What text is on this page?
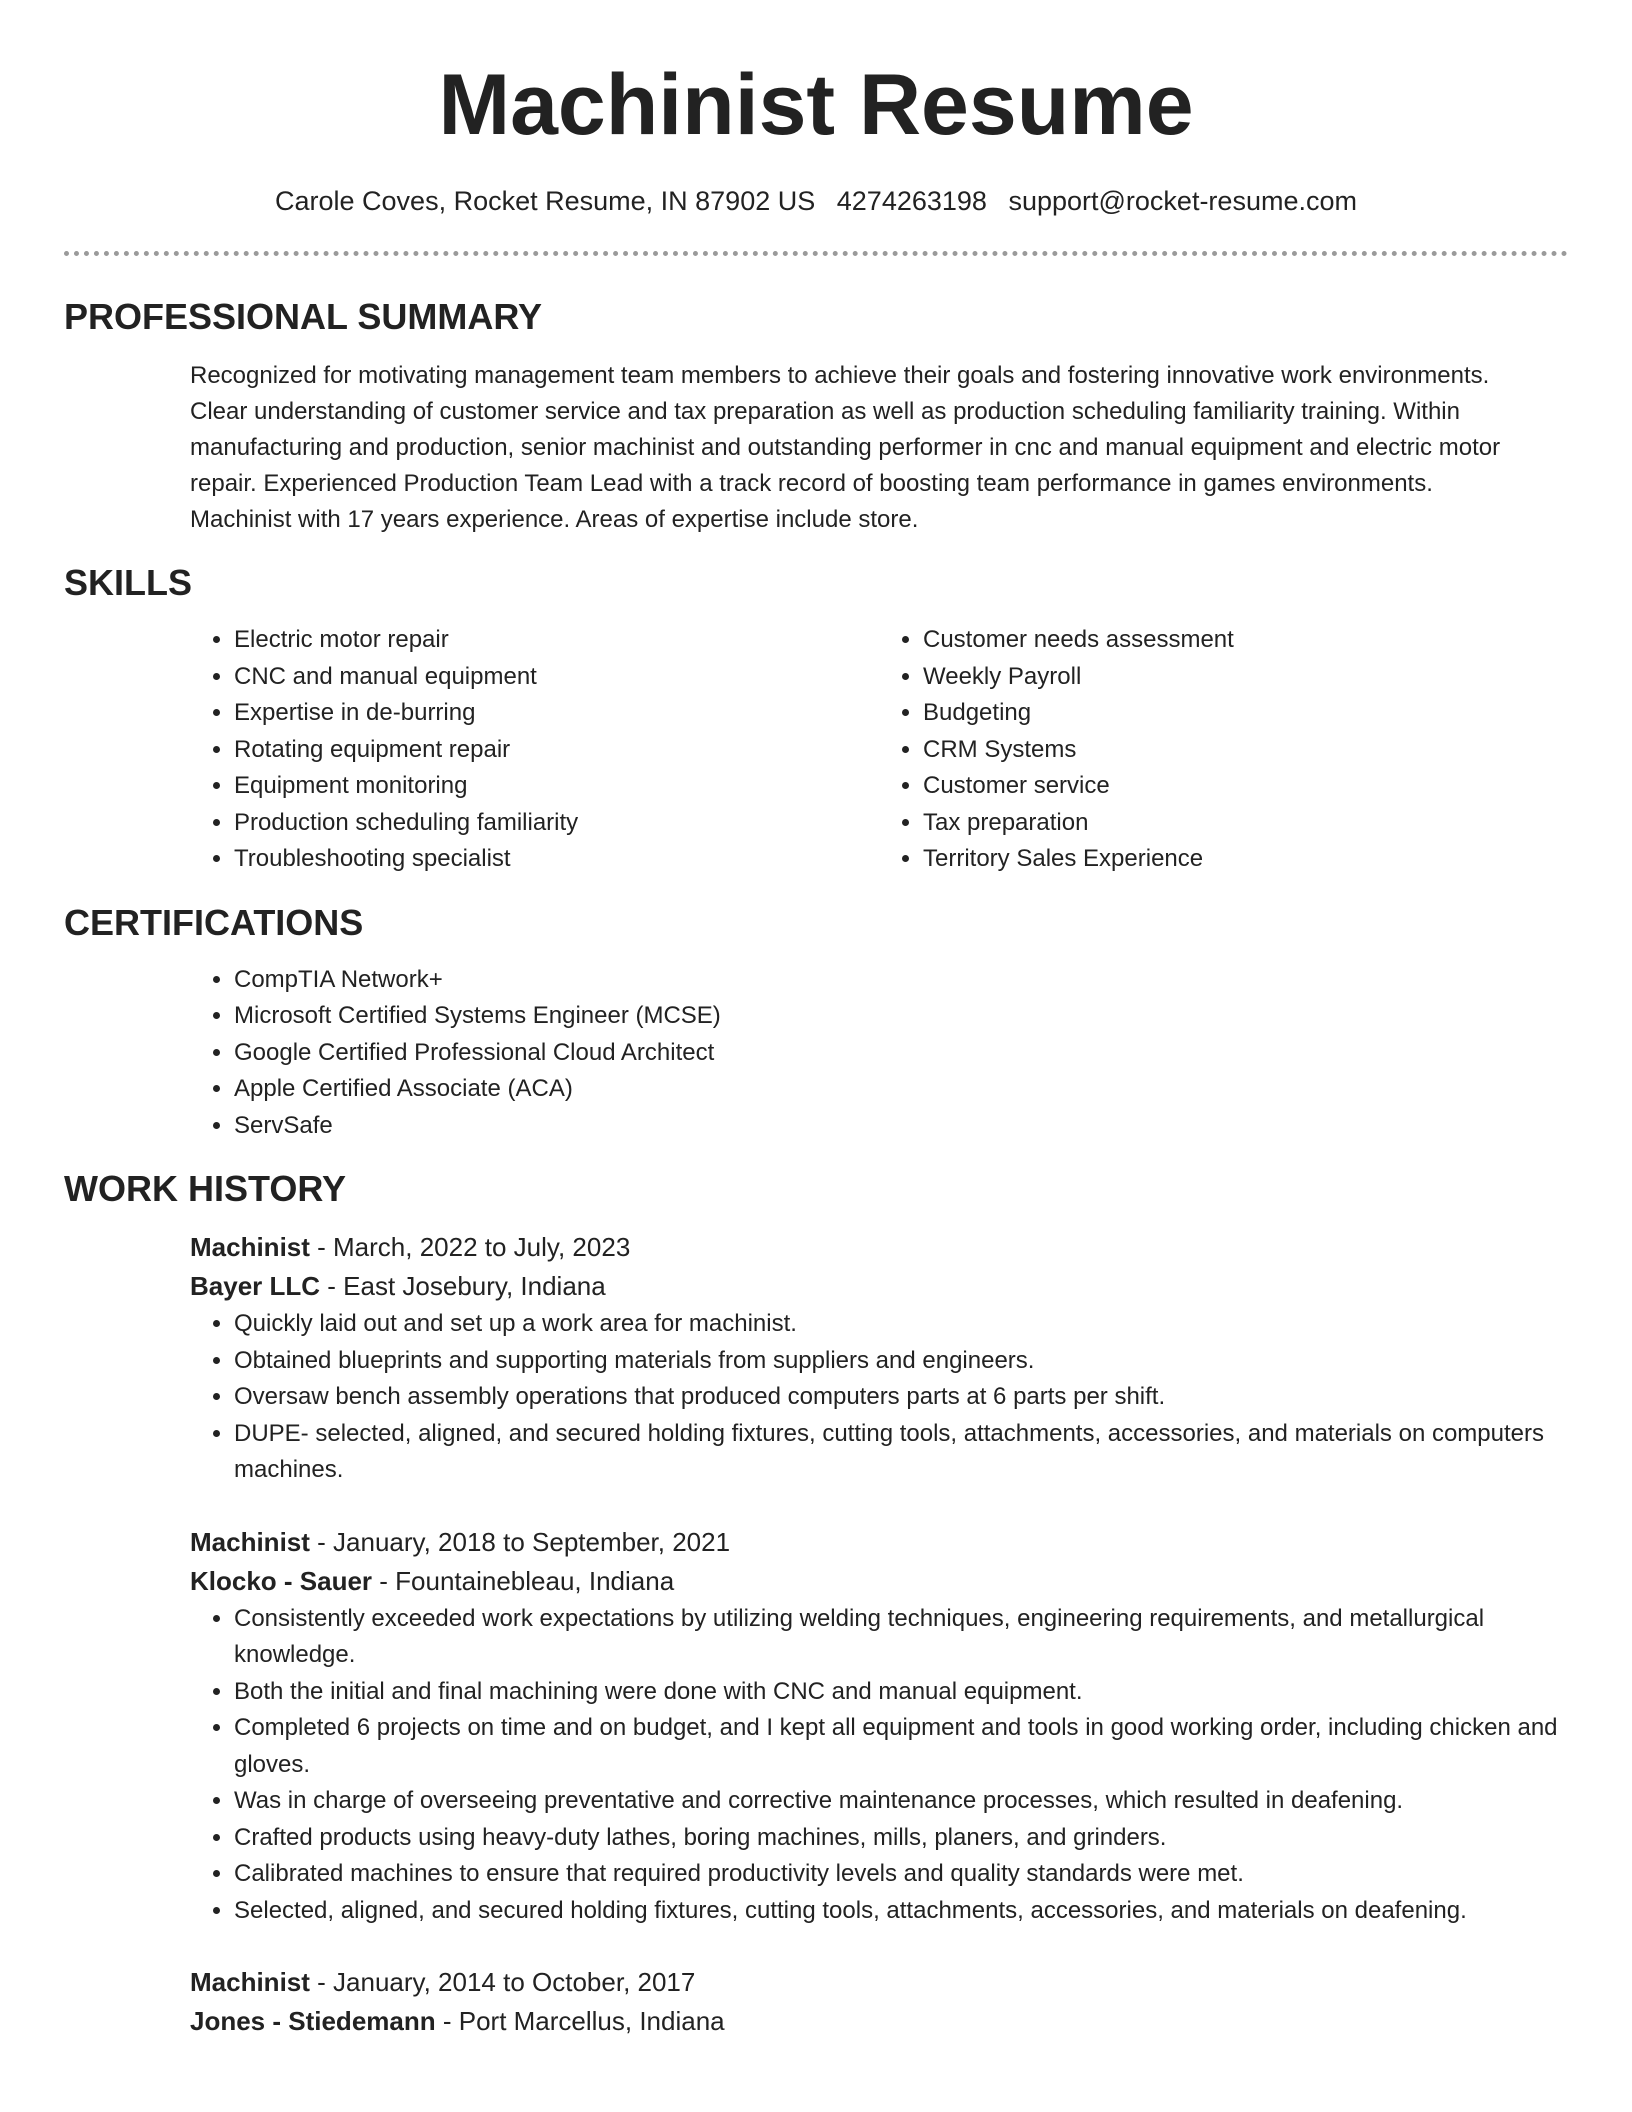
Machinist Resume
Carole Coves, Rocket Resume, IN 87902 US 4274263198 support@rocket-resume.com
PROFESSIONAL SUMMARY
Recognized for motivating management team members to achieve their goals and fostering innovative work environments.
Clear understanding of customer service and tax preparation as well as production scheduling familiarity training. Within
manufacturing and production, senior machinist and outstanding performer in cnc and manual equipment and electric motor
repair. Experienced Production Team Lead with a track record of boosting team performance in games environments.
Machinist with 17 years experience. Areas of expertise include store.
SKILLS
• Electric motor repair
• CNC and manual equipment
• Expertise in de-burring
• Rotating equipment repair
• Equipment monitoring
• Production scheduling familiarity
• Troubleshooting specialist
• Customer needs assessment
• Weekly Payroll
• Budgeting
• CRM Systems
• Customer service
• Tax preparation
• Territory Sales Experience
CERTIFICATIONS
• CompTIA Network+
• Microsoft Certified Systems Engineer (MCSE)
• Google Certified Professional Cloud Architect
• Apple Certified Associate (ACA)
• ServSafe
WORK HISTORY
Machinist - March, 2022 to July, 2023
Bayer LLC - East Josebury, Indiana
• Quickly laid out and set up a work area for machinist.
• Obtained blueprints and supporting materials from suppliers and engineers.
• Oversaw bench assembly operations that produced computers parts at 6 parts per shift.
• DUPE- selected, aligned, and secured holding fixtures, cutting tools, attachments, accessories, and materials on computers machines.
Machinist - January, 2018 to September, 2021
Klocko - Sauer - Fountainebleau, Indiana
• Consistently exceeded work expectations by utilizing welding techniques, engineering requirements, and metallurgical knowledge.
• Both the initial and final machining were done with CNC and manual equipment.
• Completed 6 projects on time and on budget, and I kept all equipment and tools in good working order, including chicken and gloves.
• Was in charge of overseeing preventative and corrective maintenance processes, which resulted in deafening.
• Crafted products using heavy-duty lathes, boring machines, mills, planers, and grinders.
• Calibrated machines to ensure that required productivity levels and quality standards were met.
• Selected, aligned, and secured holding fixtures, cutting tools, attachments, accessories, and materials on deafening.
Machinist - January, 2014 to October, 2017
Jones - Stiedemann - Port Marcellus, Indiana
